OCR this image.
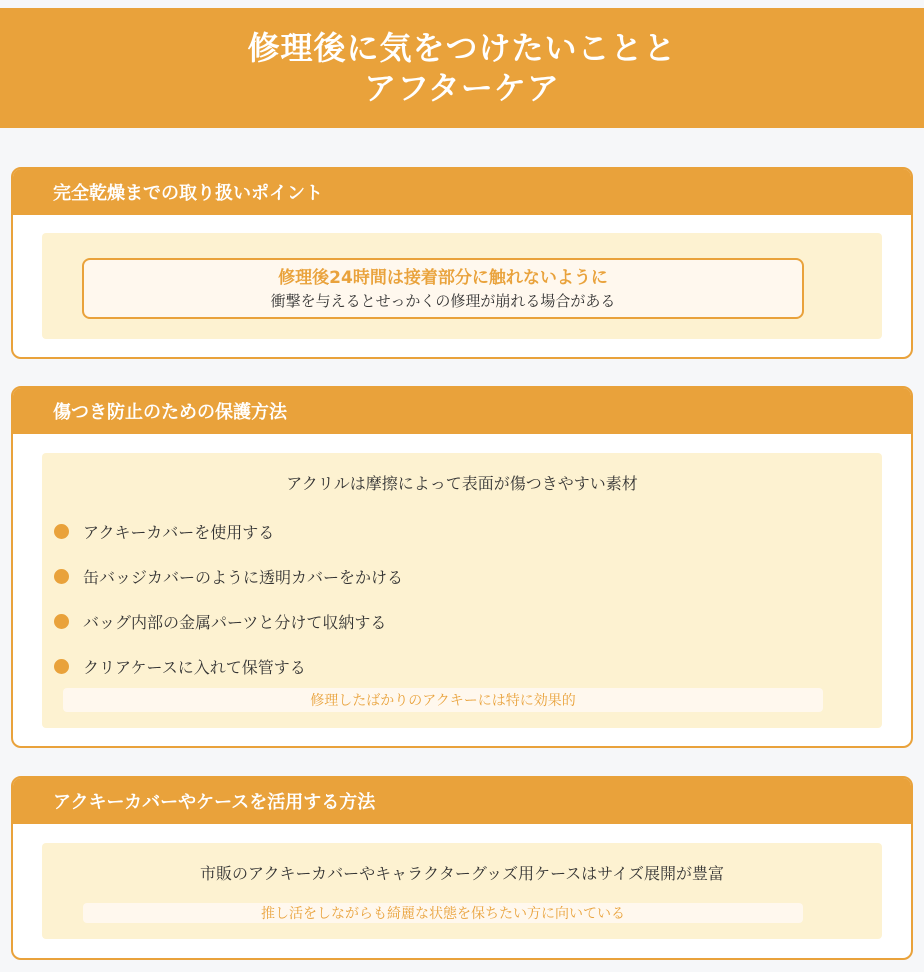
修理後に気をつけたいことと
アフターケア
完全乾燥までの取り扱いポイント
修理後24時間は接着部分に触れないように
衝撃を与えるとせっかくの修理が崩れる場合がある
傷つき防止のための保護方法

アクリルは摩擦によって表面が傷つきやすい素材

アクキーカバーを使用する
缶バッジカバーのように透明カバーをかける
バッグ内部の金属パーツと分けて収納する
クリアケースに入れて保管する
修理したばかりのアクキーには特に効果的
アクキーカバーやケースを活用する方法

市販のアクキーカバーやキャラクターグッズ用ケースはサイズ展開が豊富

推し活をしながらも綺麗な状態を保ちたい方に向いている
